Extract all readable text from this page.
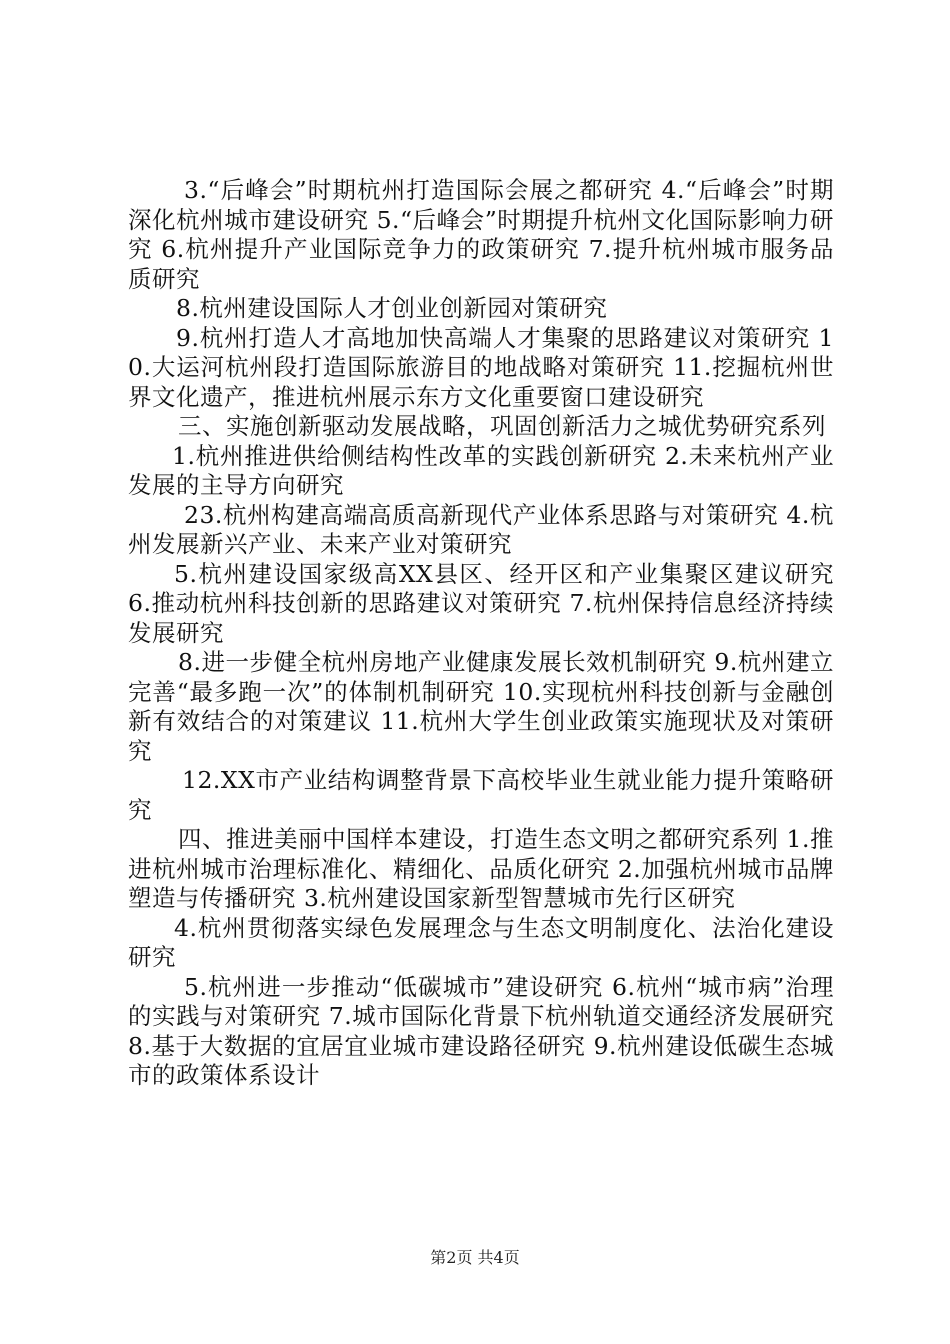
3.“后峰会”时期杭州打造国际会展之都研究 4.“后峰会”时期深化杭州城市建设研究 5.“后峰会”时期提升杭州文化国际影响力研究 6.杭州提升产业国际竞争力的政策研究 7.提升杭州城市服务品质研究

8.杭州建设国际人才创业创新园对策研究

9.杭州打造人才高地加快高端人才集聚的思路建议对策研究 10.大运河杭州段打造国际旅游目的地战略对策研究 11.挖掘杭州世界文化遗产，推进杭州展示东方文化重要窗口建设研究

三、实施创新驱动发展战略，巩固创新活力之城优势研究系列

1.杭州推进供给侧结构性改革的实践创新研究 2.未来杭州产业发展的主导方向研究

23.杭州构建高端高质高新现代产业体系思路与对策研究 4.杭州发展新兴产业、未来产业对策研究

5.杭州建设国家级高XX县区、经开区和产业集聚区建议研究 6.推动杭州科技创新的思路建议对策研究 7.杭州保持信息经济持续发展研究

8.进一步健全杭州房地产业健康发展长效机制研究 9.杭州建立完善“最多跑一次”的体制机制研究 10.实现杭州科技创新与金融创新有效结合的对策建议 11.杭州大学生创业政策实施现状及对策研究

12.XX市产业结构调整背景下高校毕业生就业能力提升策略研究

四、推进美丽中国样本建设，打造生态文明之都研究系列 1.推进杭州城市治理标准化、精细化、品质化研究 2.加强杭州城市品牌塑造与传播研究 3.杭州建设国家新型智慧城市先行区研究

4.杭州贯彻落实绿色发展理念与生态文明制度化、法治化建设研究

5.杭州进一步推动“低碳城市”建设研究 6.杭州“城市病”治理的实践与对策研究 7.城市国际化背景下杭州轨道交通经济发展研究 8.基于大数据的宜居宜业城市建设路径研究 9.杭州建设低碳生态城市的政策体系设计

第2页 共4页
